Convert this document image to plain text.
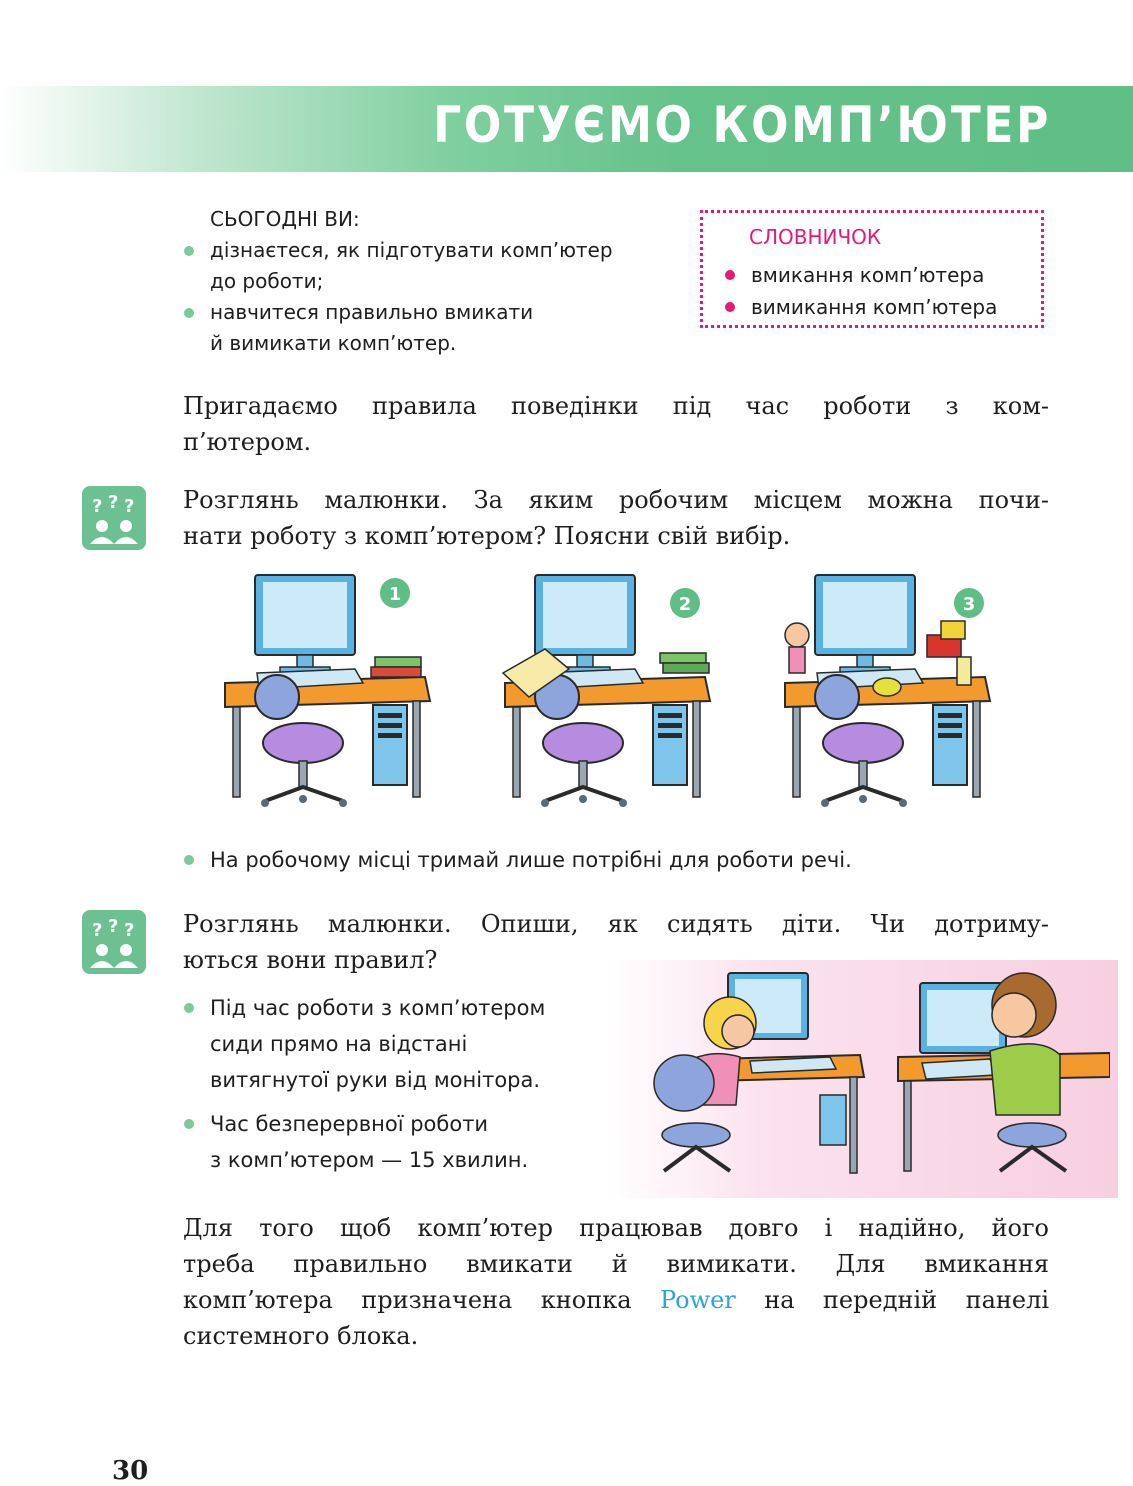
ГОТУЄМО КОМП’ЮТЕР
СЬОГОДНІ ВИ:
дізнаєтеся, як підготувати комп’ютер
до роботи;
навчитеся правильно вмикати
й вимикати комп’ютер.
СЛОВНИЧОК
вмикання комп’ютера
вимикання комп’ютера
Пригадаємо правила поведінки під час роботи з ком-
п’ютером.
? ? ? Розглянь малюнки. За яким робочим місцем можна почи-
нати роботу з комп’ютером? Поясни свій вибір.
1	2	3
На робочому місці тримай лише потрібні для роботи речі.
? ? ? Розглянь малюнки. Опиши, як сидять діти. Чи дотриму-
ються вони правил?
Під час роботи з комп’ютером
сиди прямо на відстані
витягнутої руки від монітора.
Час безперервної роботи
з комп’ютером — 15 хвилин.
Для того щоб комп’ютер працював довго і надійно, його
треба правильно вмикати й вимикати. Для вмикання
комп’ютера призначена кнопка Power на передній панелі
системного блока.
30
